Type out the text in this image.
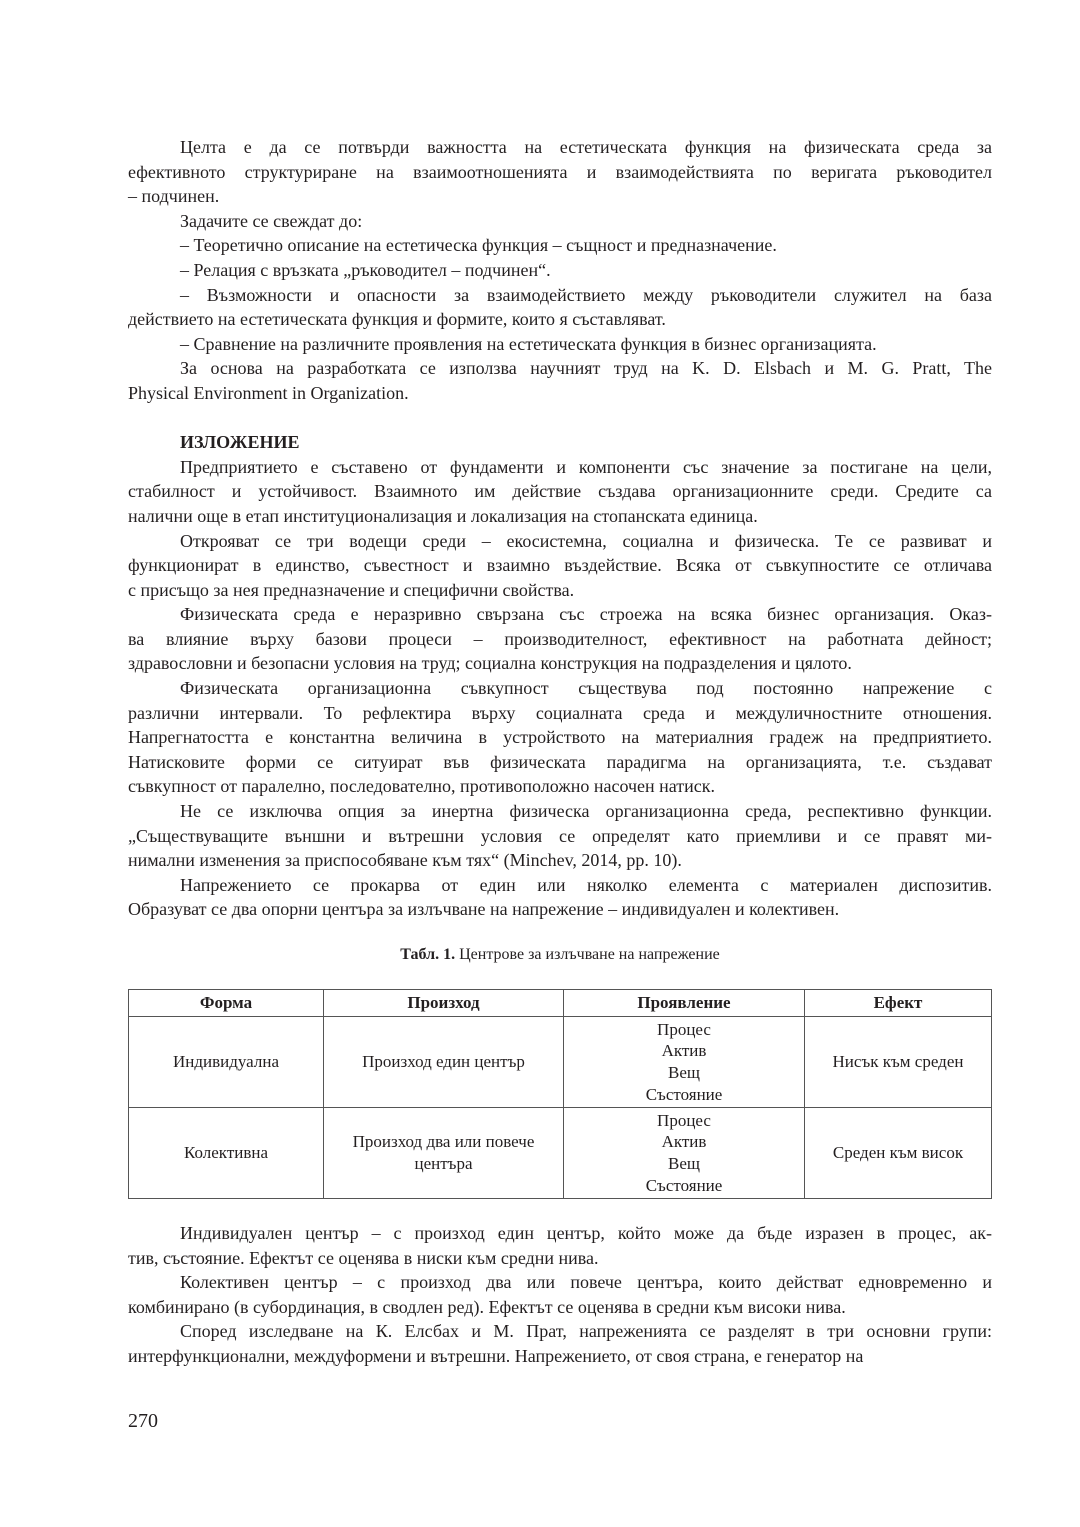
Целта е да се потвърди важността на естетическата функция на физическата среда за
ефективното структуриране на взаимоотношенията и взаимодействията по веригата ръководител
– подчинен.
Задачите се свеждат до:
– Теоретично описание на естетическа функция – същност и предназначение.
– Релация с връзката „ръководител – подчинен“.
– Възможности и опасности за взаимодействието между ръководители служител на база
действието на естетическата функция и формите, които я съставляват.
– Сравнение на различните проявления на естетическата функция в бизнес организацията.
За основа на разработката се използва научният труд на K. D. Elsbach и M. G. Pratt, The
Physical Environment in Organization.
ИЗЛОЖЕНИЕ
Предприятието е съставено от фундаменти и компоненти със значение за постигане на цели,
стабилност и устойчивост. Взаимното им действие създава организационните среди. Средите са
налични още в етап институционализация и локализация на стопанската единица.
Открояват се три водещи среди – екосистемна, социална и физическа. Те се развиват и
функционират в единство, съвестност и взаимно въздействие. Всяка от съвкупностите се отличава
с присъщо за нея предназначение и специфични свойства.
Физическата среда е неразривно свързана със строежа на всяка бизнес организация. Оказ-
ва влияние върху базови процеси – производителност, ефективност на работната дейност;
здравословни и безопасни условия на труд; социална конструкция на подразделения и цялото.
Физическата организационна съвкупност съществува под постоянно напрежение с
различни интервали. То рефлектира върху социалната среда и междуличностните отношения.
Напрегнатостта е константна величина в устройството на материалния градеж на предприятието.
Натисковите форми се ситуират във физическата парадигма на организацията, т.е. създават
съвкупност от паралелно, последователно, противоположно насочен натиск.
Не се изключва опция за инертна физическа организационна среда, респективно функции.
„Съществуващите външни и вътрешни условия се определят като приемливи и се правят ми-
нимални изменения за приспособяване към тях“ (Minchev, 2014, pp. 10).
Напрежението се прокарва от един или няколко елемента с материален диспозитив.
Образуват се два опорни центъра за излъчване на напрежение – индивидуален и колективен.
Табл. 1. Центрове за излъчване на напрежение
Форма	Произход	Проявление	Ефект
Индивидуална	Произход един център	Процес
Актив
Вещ
Състояние	Нисък към среден
Колективна	Произход два или повече центъра	Процес
Актив
Вещ
Състояние	Среден към висок
Индивидуален център – с произход един център, който може да бъде изразен в процес, ак-
тив, състояние. Ефектът се оценява в ниски към средни нива.
Колективен център – с произход два или повече центъра, които действат едновременно и
комбинирано (в субординация, в сводлен ред). Ефектът се оценява в средни към високи нива.
Според изследване на К. Елсбах и М. Прат, напреженията се разделят в три основни групи:
интерфункционални, междуформени и вътрешни. Напрежението, от своя страна, е генератор на
270
